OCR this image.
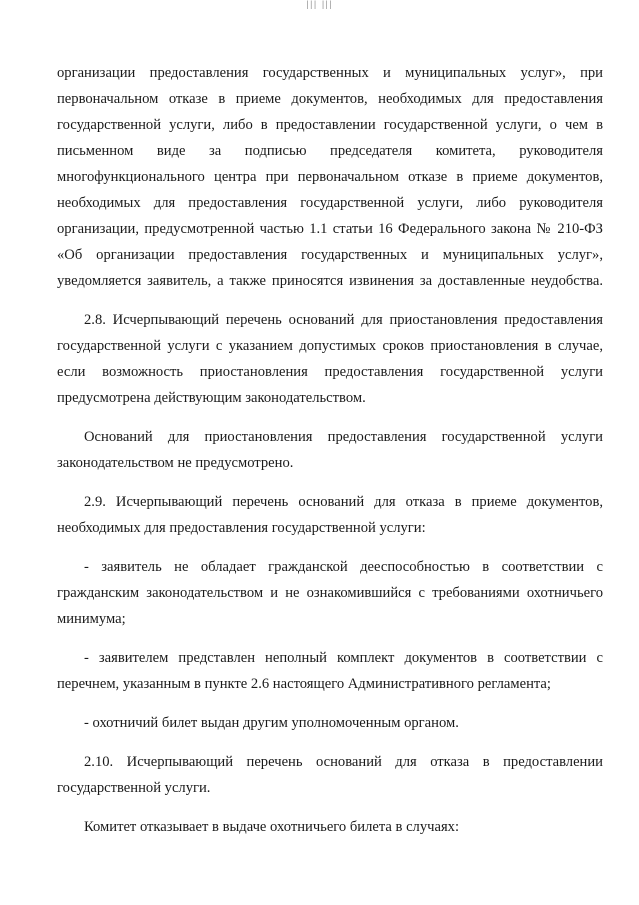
||| |||
организации предоставления государственных и муниципальных услуг», при
первоначальном отказе в приеме документов, необходимых для предоставления
государственной услуги, либо в предоставлении государственной услуги, о чем в
письменном виде за подписью председателя комитета, руководителя
многофункционального центра при первоначальном отказе в приеме документов,
необходимых для предоставления государственной услуги, либо руководителя
организации, предусмотренной частью 1.1 статьи 16 Федерального закона № 210-ФЗ
«Об организации предоставления государственных и муниципальных услуг»,
уведомляется заявитель, а также приносятся извинения за доставленные неудобства.
2.8. Исчерпывающий перечень оснований для приостановления предоставления
государственной услуги с указанием допустимых сроков приостановления в случае,
если возможность приостановления предоставления государственной услуги
предусмотрена действующим законодательством.
Оснований для приостановления предоставления государственной услуги
законодательством не предусмотрено.
2.9. Исчерпывающий перечень оснований для отказа в приеме документов,
необходимых для предоставления государственной услуги:
- заявитель не обладает гражданской дееспособностью в соответствии с
гражданским законодательством и не ознакомившийся с требованиями охотничьего
минимума;
- заявителем представлен неполный комплект документов в соответствии с
перечнем, указанным в пункте 2.6 настоящего Административного регламента;
- охотничий билет выдан другим уполномоченным органом.
2.10. Исчерпывающий перечень оснований для отказа в предоставлении
государственной услуги.
Комитет отказывает в выдаче охотничьего билета в случаях:
